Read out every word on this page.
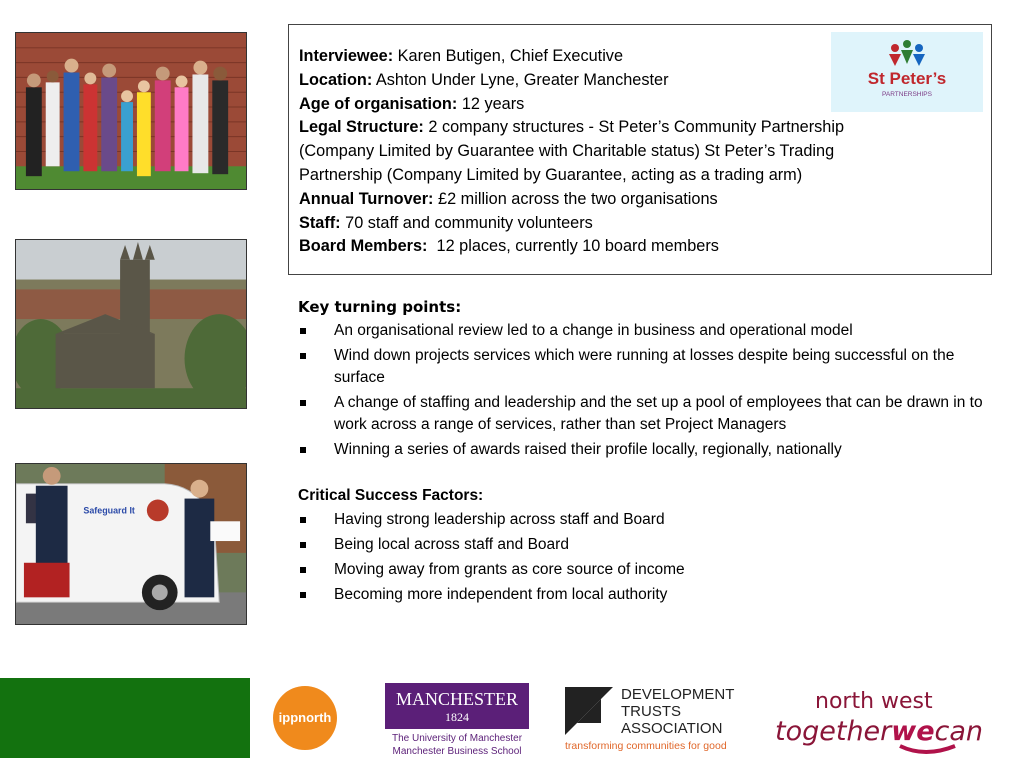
Safeguard It
St Peter’s
PARTNERSHIPS
Interviewee: Karen Butigen, Chief Executive
Location: Ashton Under Lyne, Greater Manchester
Age of organisation: 12 years
Legal Structure: 2 company structures - St Peter’s Community Partnership
(Company Limited by Guarantee with Charitable status) St Peter’s Trading
Partnership (Company Limited by Guarantee, acting as a trading arm)
Annual Turnover: £2 million across the two organisations
Staff: 70 staff and community volunteers
Board Members:  12 places, currently 10 board members
Key turning points:
An organisational review led to a change in business and operational model
Wind down projects services which were running at losses despite being successful on the surface
A change of staffing and leadership and the set up a pool of employees that can be drawn in to work across a range of services, rather than set Project Managers
Winning a series of awards raised their profile locally, regionally, nationally
Critical Success Factors:
Having strong leadership across staff and Board
Being local across staff and Board
Moving away from grants as core source of income
Becoming more independent from local authority
ippnorth
MANCHESTER
1824
The University of Manchester
Manchester Business School
DEVELOPMENT
TRUSTS
ASSOCIATION
transforming communities for good
north west
togetherwecan
